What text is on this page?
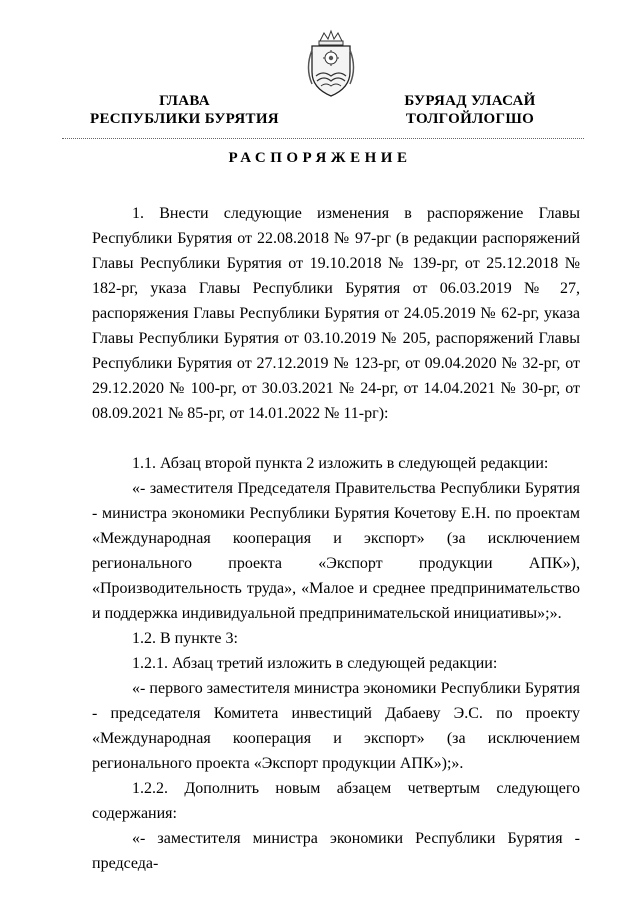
ГЛАВА
РЕСПУБЛИКИ БУРЯТИЯ
БУРЯАД УЛАСАЙ
ТОЛГОЙЛОГШО
РАСПОРЯЖЕНИЕ

1. Внести следующие изменения в распоряжение Главы Республики Бурятия от 22.08.2018 № 97-рг (в редакции распоряжений Главы Республики Бурятия от 19.10.2018 № 139-рг, от 25.12.2018 № 182-рг, указа Главы Республики Бурятия от 06.03.2019 № 27, распоряжения Главы Республики Бурятия от 24.05.2019 № 62-рг, указа Главы Республики Бурятия от 03.10.2019 № 205, распоряжений Главы Республики Бурятия от 27.12.2019 № 123-рг, от 09.04.2020 № 32-рг, от 29.12.2020 № 100-рг, от 30.03.2021 № 24-рг, от 14.04.2021 № 30-рг, от 08.09.2021 № 85-рг, от 14.01.2022 № 11-рг):

1.1. Абзац второй пункта 2 изложить в следующей редакции:

«- заместителя Председателя Правительства Республики Бурятия - министра экономики Республики Бурятия Кочетову Е.Н. по проектам «Международная кооперация и экспорт» (за исключением регионального проекта «Экспорт продукции АПК»), «Производительность труда», «Малое и среднее предпринимательство и поддержка индивидуальной предпринимательской инициативы»;».

1.2. В пункте 3:

1.2.1. Абзац третий изложить в следующей редакции:

«- первого заместителя министра экономики Республики Бурятия - председателя Комитета инвестиций Дабаеву Э.С. по проекту «Международная кооперация и экспорт» (за исключением регионального проекта «Экспорт продукции АПК»);».

1.2.2. Дополнить новым абзацем четвертым следующего содержания:

«- заместителя министра экономики Республики Бурятия - председа-
